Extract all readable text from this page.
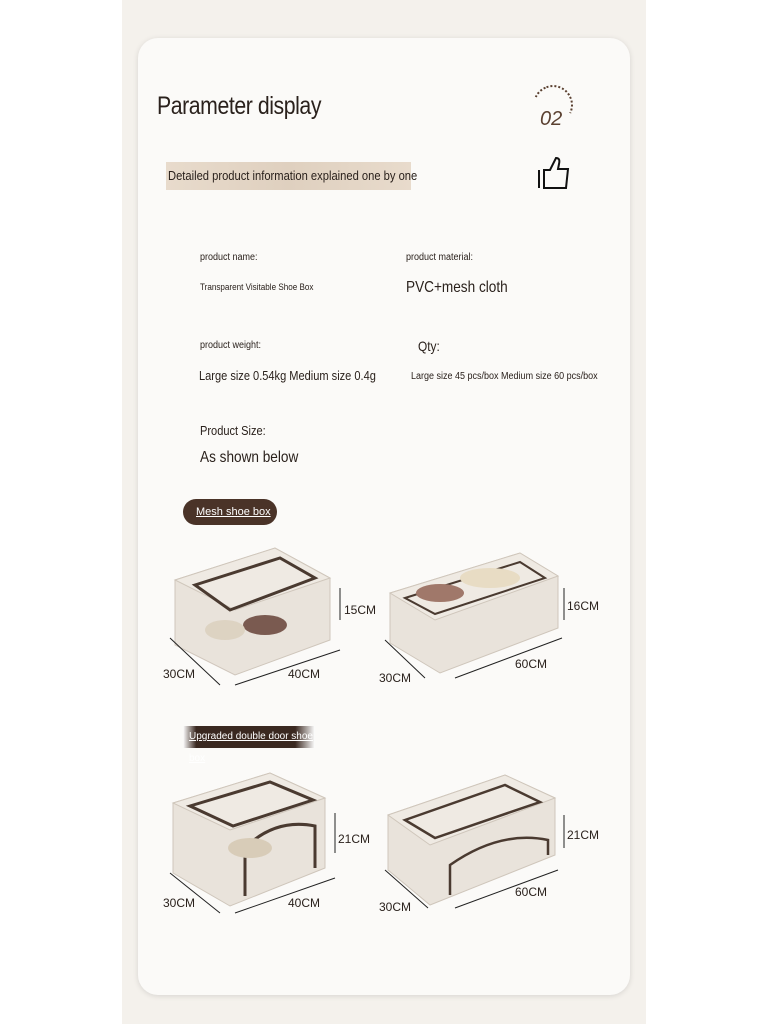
Parameter display	02
Detailed product information explained one by one
product name:
Transparent Visitable Shoe Box
product material:
PVC+mesh cloth
product weight:
Large size 0.54kg Medium size 0.4g
Qty:
Large size 45 pcs/box Medium size 60 pcs/box
Product Size:
As shown below
Mesh shoe box
Upgraded double door shoe box
30CM	40CM
15CM
30CM
60CM
16CM
30CM	40CM
21CM
30CM
60CM
21CM
